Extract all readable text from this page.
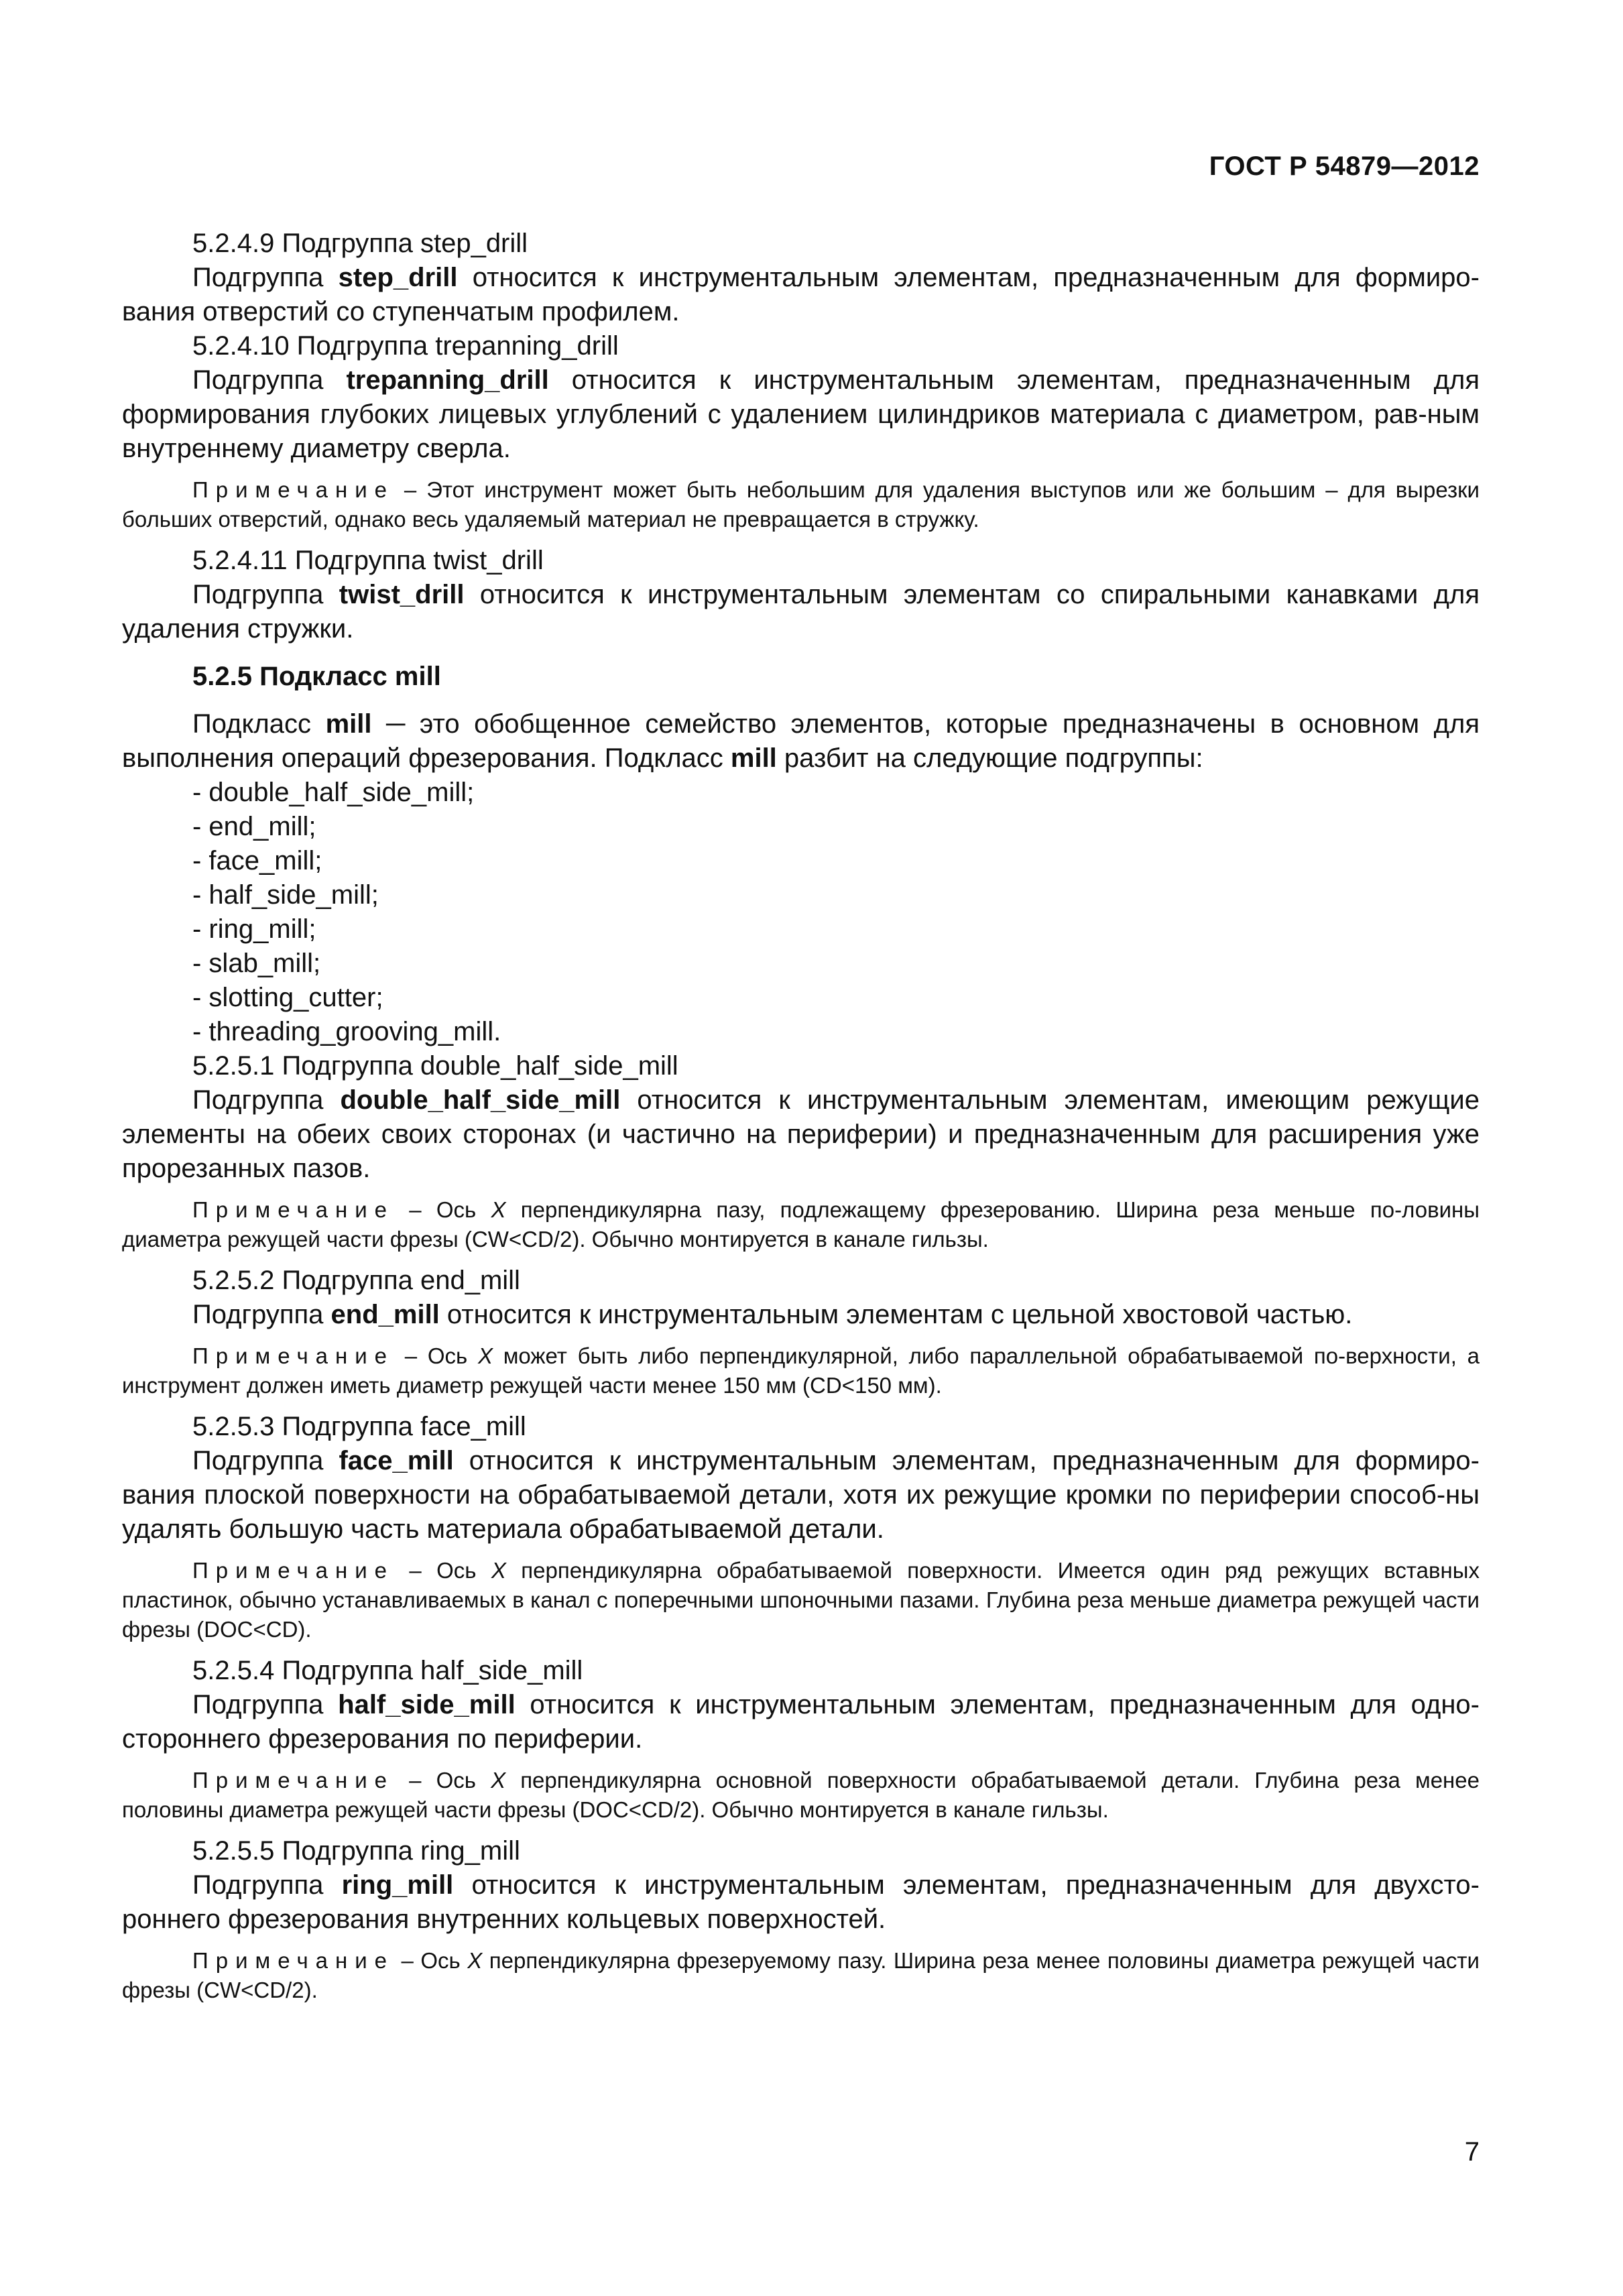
ГОСТ Р 54879—2012

5.2.4.9 Подгруппа step_drill

Подгруппа step_drill относится к инструментальным элементам, предназначенным для формиро-вания отверстий со ступенчатым профилем.

5.2.4.10 Подгруппа trepanning_drill

Подгруппа trepanning_drill относится к инструментальным элементам, предназначенным для формирования глубоких лицевых углублений с удалением цилиндриков материала с диаметром, рав-ным внутреннему диаметру сверла.

Примечание – Этот инструмент может быть небольшим для удаления выступов или же большим – для вырезки больших отверстий, однако весь удаляемый материал не превращается в стружку.

5.2.4.11 Подгруппа twist_drill

Подгруппа twist_drill относится к инструментальным элементам со спиральными канавками для удаления стружки.

5.2.5 Подкласс mill

Подкласс mill ─ это обобщенное семейство элементов, которые предназначены в основном для выполнения операций фрезерования. Подкласс mill разбит на следующие подгруппы:

- double_half_side_mill;

- end_mill;

- face_mill;

- half_side_mill;

- ring_mill;

- slab_mill;

- slotting_cutter;

- threading_grooving_mill.

5.2.5.1 Подгруппа double_half_side_mill

Подгруппа double_half_side_mill относится к инструментальным элементам, имеющим режущие элементы на обеих своих сторонах (и частично на периферии) и предназначенным для расширения уже прорезанных пазов.

Примечание – Ось X перпендикулярна пазу, подлежащему фрезерованию. Ширина реза меньше по-ловины диаметра режущей части фрезы (CW<CD/2). Обычно монтируется в канале гильзы.

5.2.5.2 Подгруппа end_mill

Подгруппа end_mill относится к инструментальным элементам с цельной хвостовой частью.

Примечание – Ось X может быть либо перпендикулярной, либо параллельной обрабатываемой по-верхности, а инструмент должен иметь диаметр режущей части менее 150 мм (CD<150 мм).

5.2.5.3 Подгруппа face_mill

Подгруппа face_mill относится к инструментальным элементам, предназначенным для формиро-вания плоской поверхности на обрабатываемой детали, хотя их режущие кромки по периферии способ-ны удалять большую часть материала обрабатываемой детали.

Примечание – Ось X перпендикулярна обрабатываемой поверхности. Имеется один ряд режущих вставных пластинок, обычно устанавливаемых в канал с поперечными шпоночными пазами. Глубина реза меньше диаметра режущей части фрезы (DOC<CD).

5.2.5.4 Подгруппа half_side_mill

Подгруппа half_side_mill относится к инструментальным элементам, предназначенным для одно-стороннего фрезерования по периферии.

Примечание – Ось X перпендикулярна основной поверхности обрабатываемой детали. Глубина реза менее половины диаметра режущей части фрезы (DOC<CD/2). Обычно монтируется в канале гильзы.

5.2.5.5 Подгруппа ring_mill

Подгруппа ring_mill относится к инструментальным элементам, предназначенным для двухсто-роннего фрезерования внутренних кольцевых поверхностей.

Примечание – Ось X перпендикулярна фрезеруемому пазу. Ширина реза менее половины диаметра режущей части фрезы (CW<CD/2).

7
